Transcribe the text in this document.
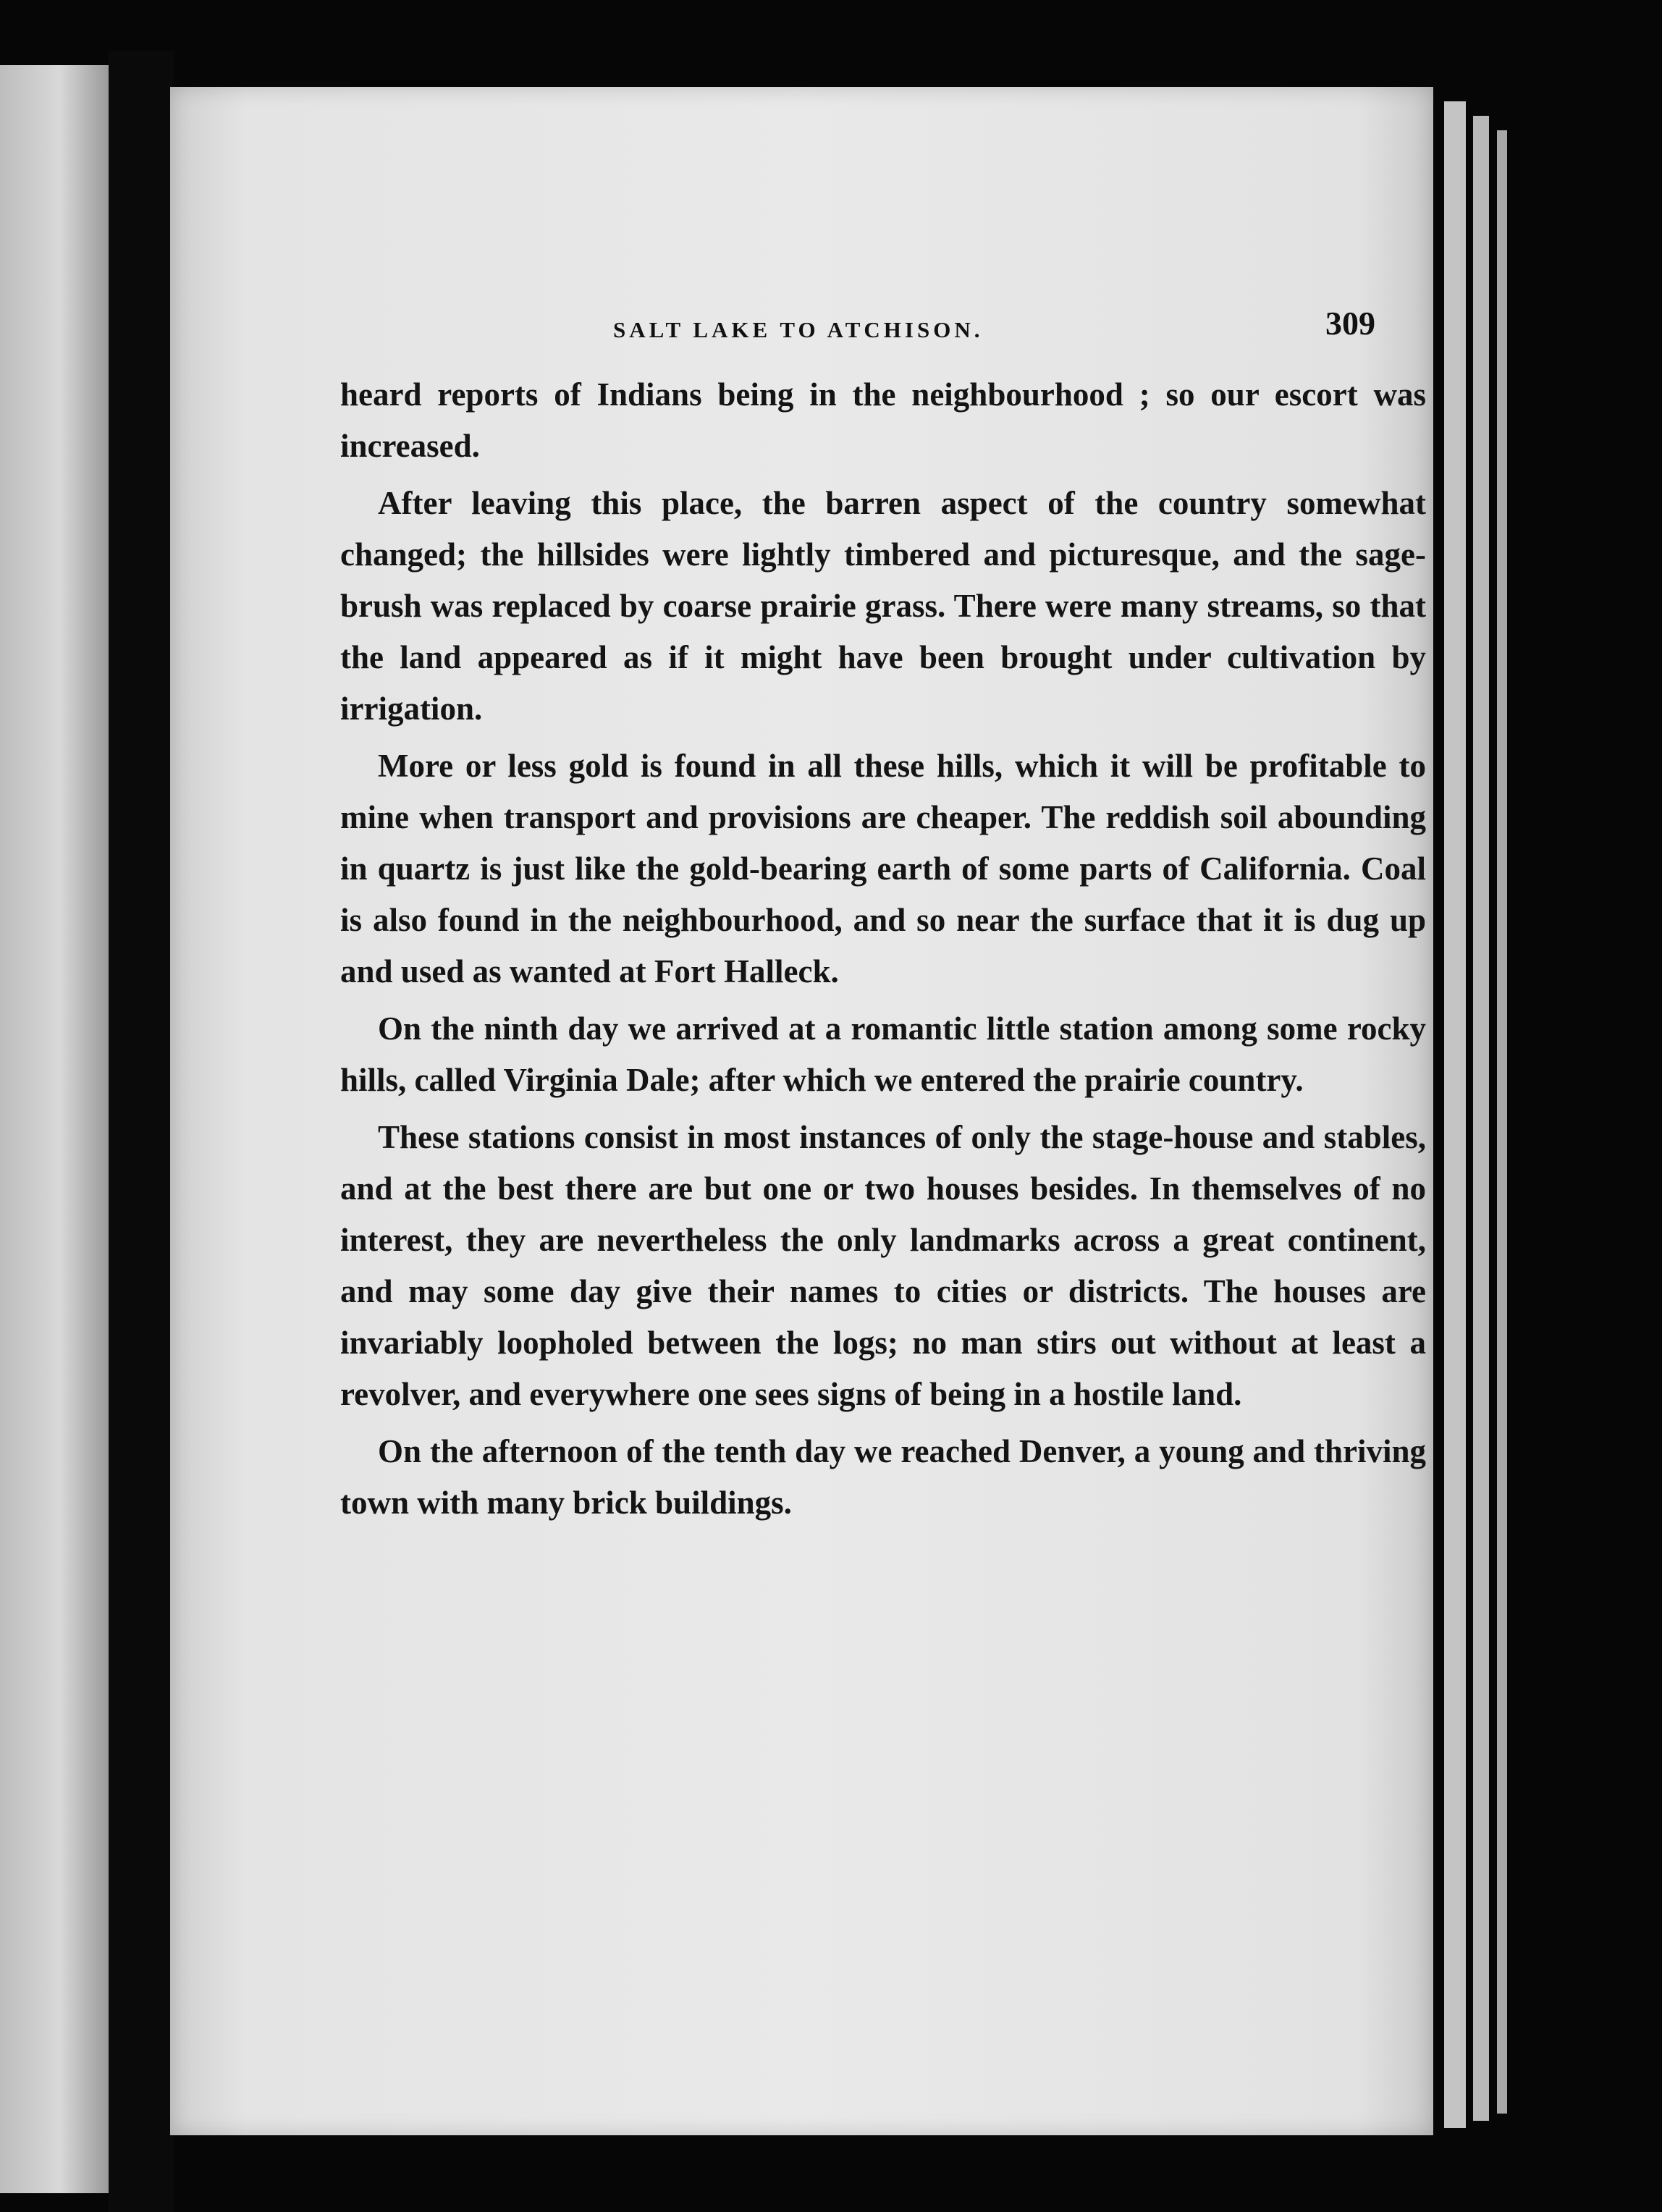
SALT LAKE TO ATCHISON.	309

heard reports of Indians being in the neighbourhood ; so our escort was increased.

After leaving this place, the barren aspect of the country somewhat changed; the hillsides were lightly timbered and picturesque, and the sage-brush was replaced by coarse prairie grass. There were many streams, so that the land appeared as if it might have been brought under cultivation by irrigation.

More or less gold is found in all these hills, which it will be profitable to mine when transport and provisions are cheaper. The reddish soil abounding in quartz is just like the gold-bearing earth of some parts of California. Coal is also found in the neighbourhood, and so near the surface that it is dug up and used as wanted at Fort Halleck.

On the ninth day we arrived at a romantic little station among some rocky hills, called Virginia Dale; after which we entered the prairie country.

These stations consist in most instances of only the stage-house and stables, and at the best there are but one or two houses besides. In themselves of no interest, they are nevertheless the only landmarks across a great continent, and may some day give their names to cities or districts. The houses are invariably loopholed between the logs; no man stirs out without at least a revolver, and everywhere one sees signs of being in a hostile land.

On the afternoon of the tenth day we reached Denver, a young and thriving town with many brick buildings.
